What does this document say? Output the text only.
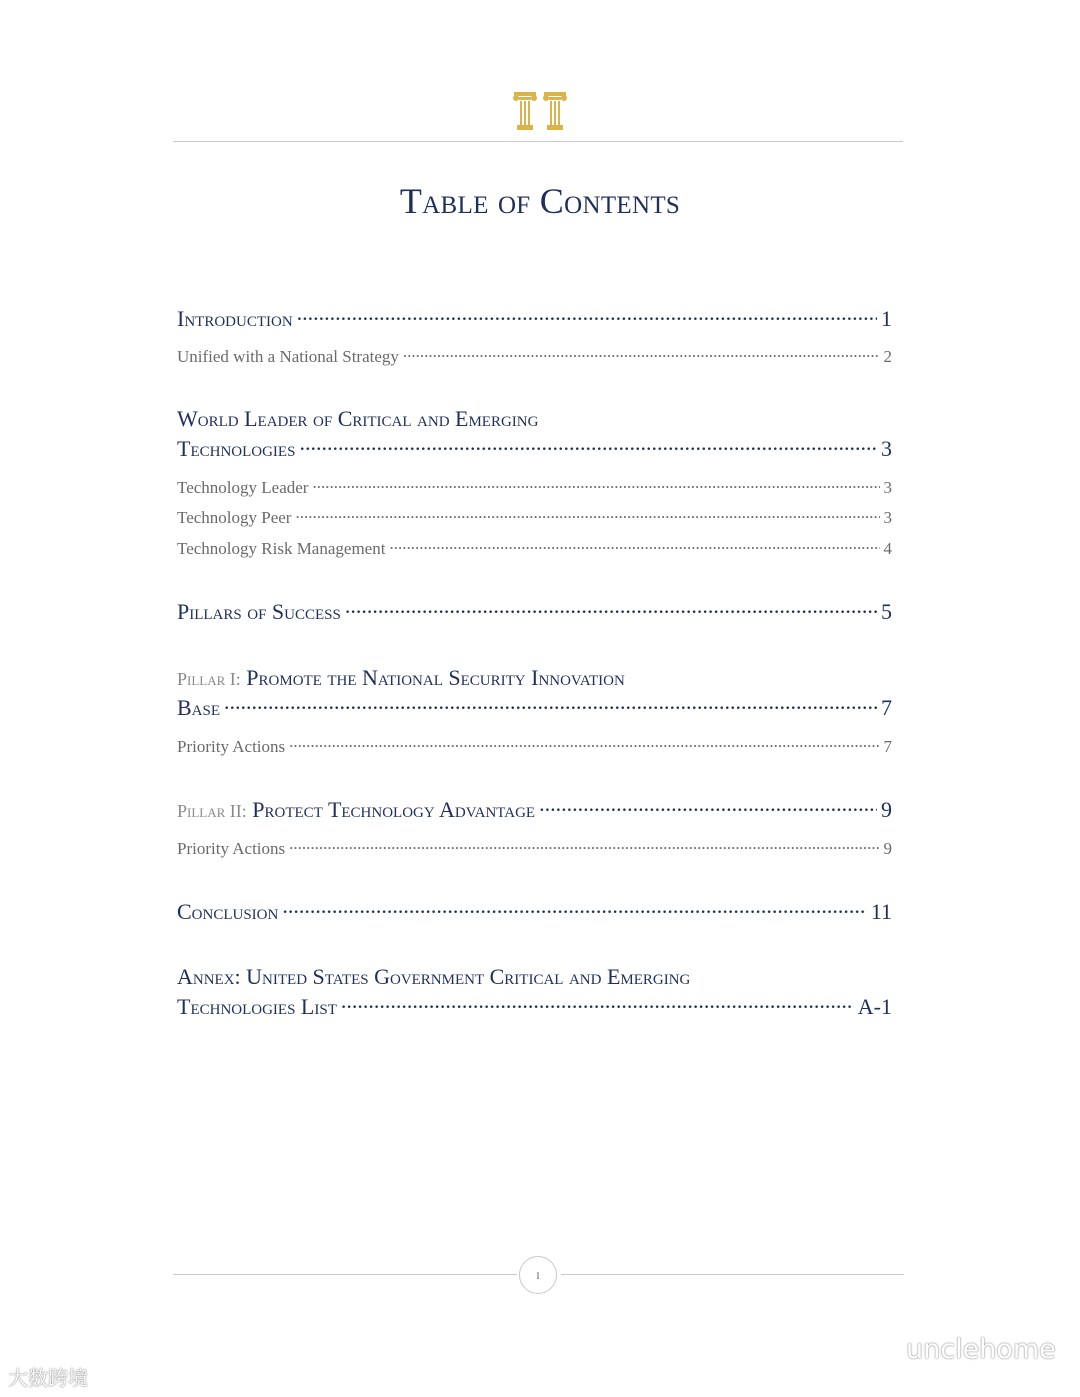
Table of Contents
Introduction .....	1
Unified with a National Strategy .....	2
World Leader of Critical and Emerging
Technologies .....	3
Technology Leader .....	3
Technology Peer .....	3
Technology Risk Management .....	4
Pillars of Success .....	5
Pillar I: Promote the National Security Innovation
Base .....	7
Priority Actions .....	7
Pillar II: Protect Technology Advantage .....	9
Priority Actions .....	9
Conclusion .....	11
Annex: United States Government Critical and Emerging
Technologies List .....	A-1
i
大数跨境
unclehome
